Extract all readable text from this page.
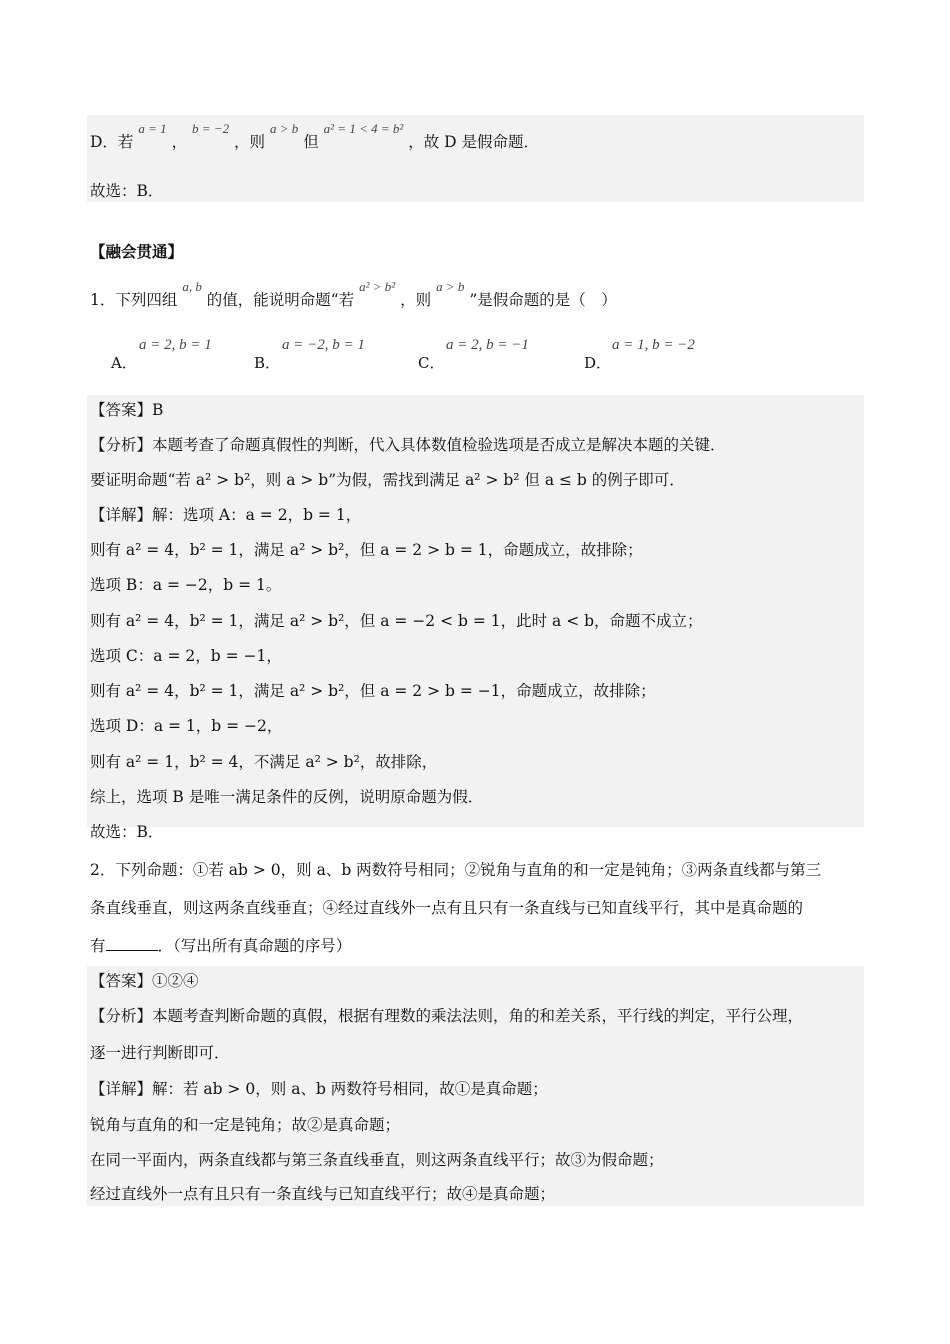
D．若 $^{a = 1}$ ， $^{b = -2}$ ，则 $^{a > b}$ 但 $^{a^2 = 1 < 4 = b^2}$ ，故 D 是假命题．
故选：B．
【融会贯通】
1．下列四组 $^{a, b}$ 的值，能说明命题“若 $^{a^2 > b^2}$ ，则 $^{a > b}$ ”是假命题的是（　）
A．
a = 2, b = 1
B．
a = −2, b = 1
C．
a = 2, b = −1
D．
a = 1, b = −2
【答案】B
【分析】本题考查了命题真假性的判断，代入具体数值检验选项是否成立是解决本题的关键．
要证明命题“若 a² > b²，则 a > b”为假，需找到满足 a² > b² 但 a ≤ b 的例子即可．
【详解】解：选项 A：a = 2，b = 1，
则有 a² = 4，b² = 1，满足 a² > b²，但 a = 2 > b = 1，命题成立，故排除；
选项 B：a = −2，b = 1。
则有 a² = 4，b² = 1，满足 a² > b²，但 a = −2 < b = 1，此时 a < b，命题不成立；
选项 C：a = 2，b = −1，
则有 a² = 4，b² = 1，满足 a² > b²，但 a = 2 > b = −1，命题成立，故排除；
选项 D：a = 1，b = −2，
则有 a² = 1，b² = 4，不满足 a² > b²，故排除，
综上，选项 B 是唯一满足条件的反例，说明原命题为假．
故选：B．
2．下列命题：①若 ab > 0，则 a、b 两数符号相同；②锐角与直角的和一定是钝角；③两条直线都与第三
条直线垂直，则这两条直线垂直；④经过直线外一点有且只有一条直线与已知直线平行，其中是真命题的
有	．（写出所有真命题的序号）
【答案】①②④
【分析】本题考查判断命题的真假，根据有理数的乘法法则，角的和差关系，平行线的判定，平行公理，
逐一进行判断即可．
【详解】解：若 ab > 0，则 a、b 两数符号相同，故①是真命题；
锐角与直角的和一定是钝角；故②是真命题；
在同一平面内，两条直线都与第三条直线垂直，则这两条直线平行；故③为假命题；
经过直线外一点有且只有一条直线与已知直线平行；故④是真命题；
